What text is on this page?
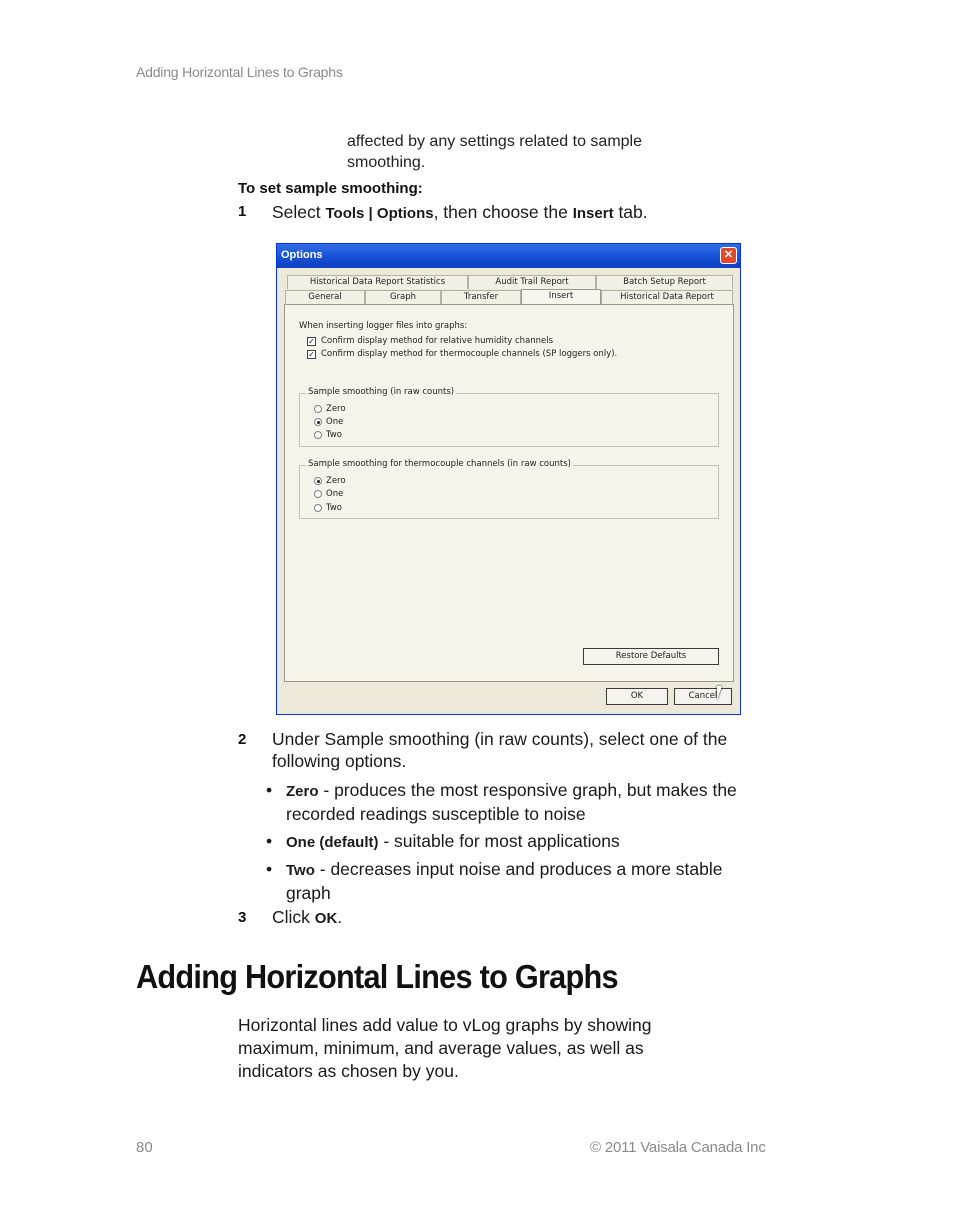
Adding Horizontal Lines to Graphs
affected by any settings related to sample smoothing.
To set sample smoothing:
1 Select Tools | Options, then choose the Insert tab.
Options	✕
Historical Data Report Statistics	Audit Trail Report	Batch Setup Report
General	Graph	Transfer	Insert	Historical Data Report
When inserting logger files into graphs:
✓ Confirm display method for relative humidity channels
✓ Confirm display method for thermocouple channels (SP loggers only).
Sample smoothing (in raw counts)
Zero
One
Two
Sample smoothing for thermocouple channels (in raw counts)
Zero
One
Two
Restore Defaults
OK	Cancel
2 Under Sample smoothing (in raw counts), select one of the following options.
• Zero - produces the most responsive graph, but makes the recorded readings susceptible to noise
• One (default) - suitable for most applications
• Two - decreases input noise and produces a more stable graph
3 Click OK.
Adding Horizontal Lines to Graphs
Horizontal lines add value to vLog graphs by showing maximum, minimum, and average values, as well as indicators as chosen by you.
80	© 2011 Vaisala Canada Inc
